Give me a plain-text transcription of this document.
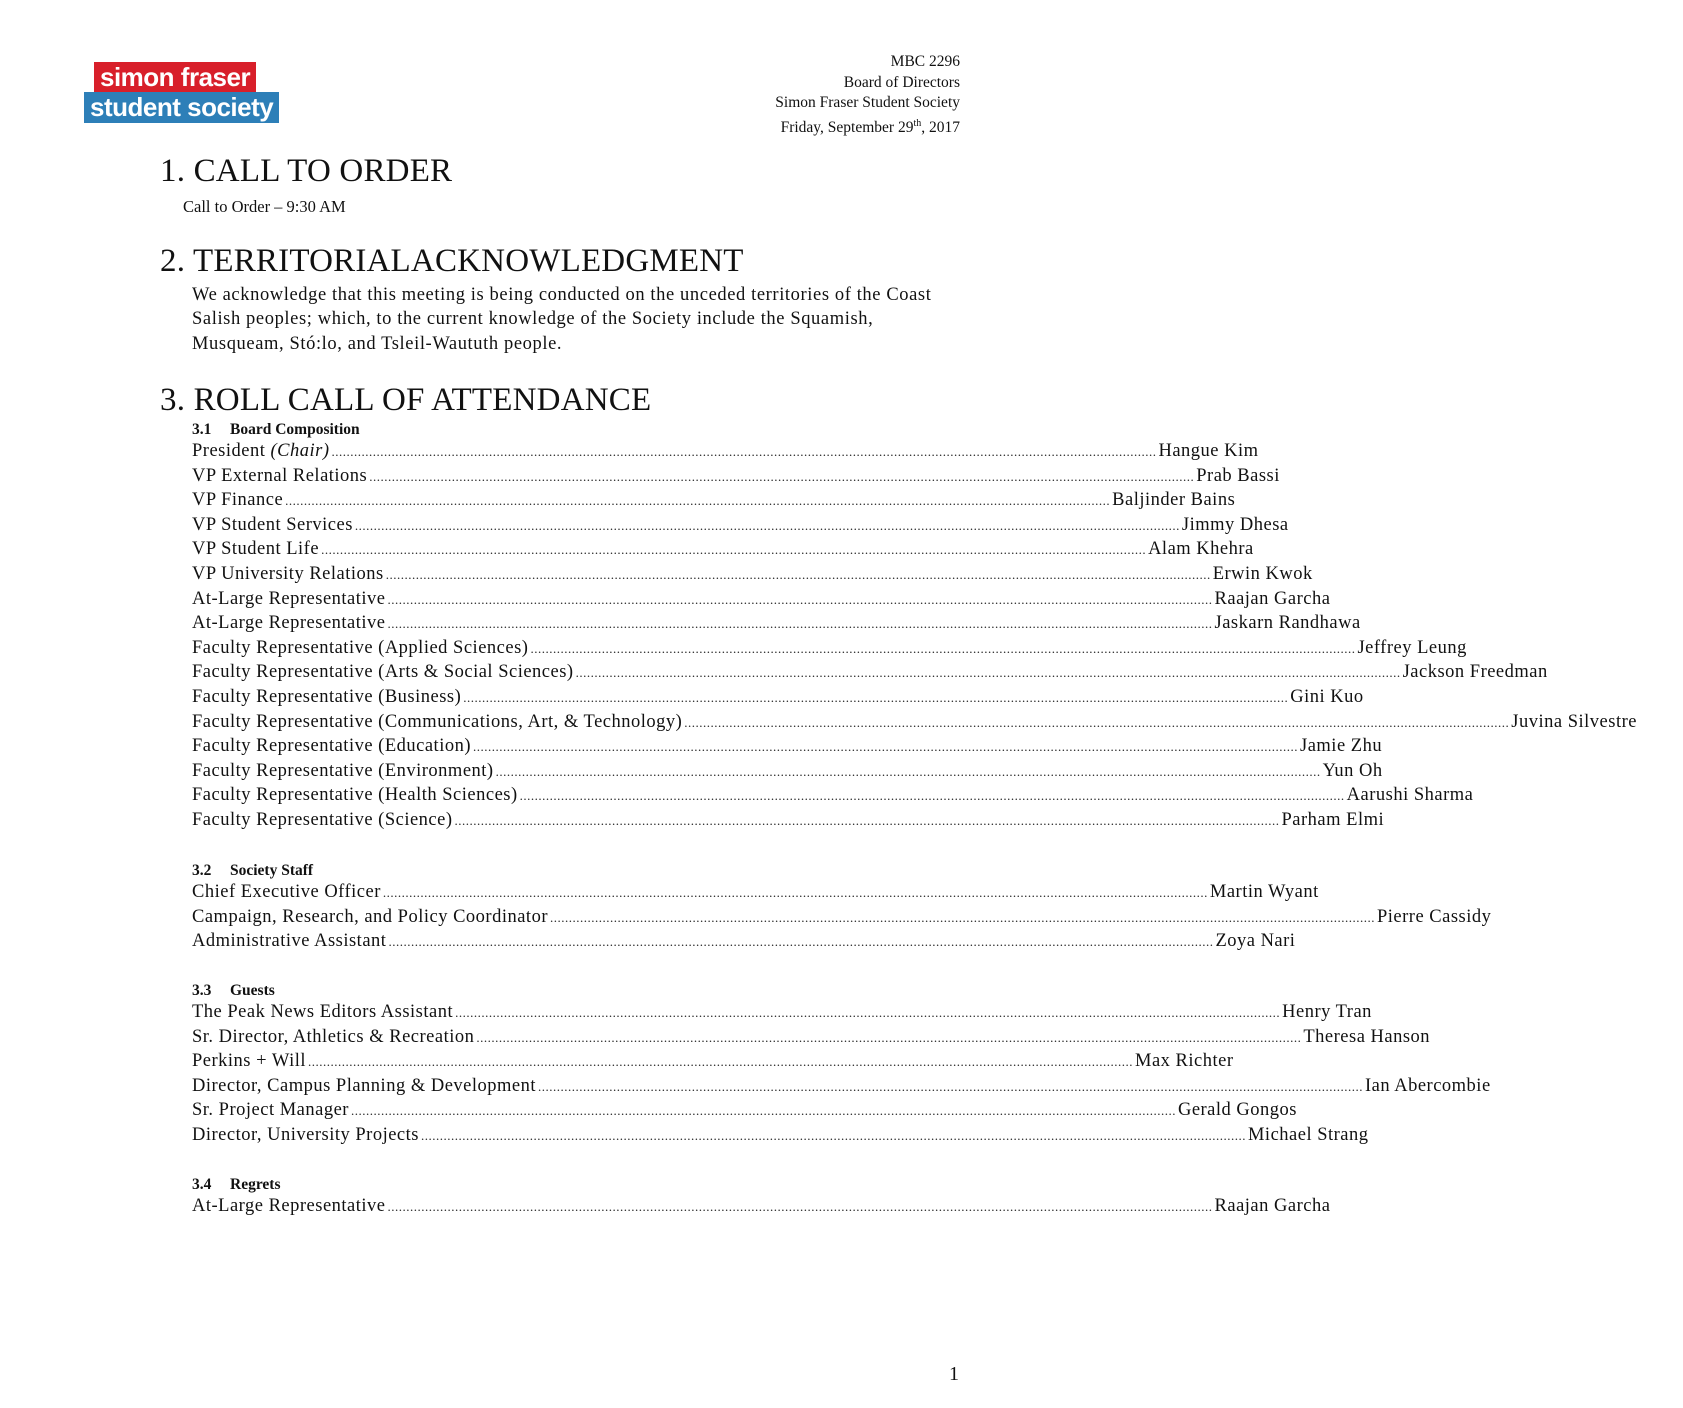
simon fraser
student society
MBC 2296
Board of Directors
Simon Fraser Student Society
Friday, September 29th, 2017
1. CALL TO ORDER
Call to Order – 9:30 AM
2. TERRITORIALACKNOWLEDGMENT
We acknowledge that this meeting is being conducted on the unceded territories of the Coast Salish peoples; which, to the current knowledge of the Society include the Squamish, Musqueam, Stó:lo, and Tsleil-Waututh people.
3. ROLL CALL OF ATTENDANCE
3.1 Board Composition
President (Chair) ............................................................................................................................................................................................................................ Hangue Kim
VP External Relations ............................................................................................................................................................................................................................ Prab Bassi
VP Finance ............................................................................................................................................................................................................................ Baljinder Bains
VP Student Services ............................................................................................................................................................................................................................ Jimmy Dhesa
VP Student Life ............................................................................................................................................................................................................................ Alam Khehra
VP University Relations ............................................................................................................................................................................................................................ Erwin Kwok
At-Large Representative ............................................................................................................................................................................................................................ Raajan Garcha
At-Large Representative ............................................................................................................................................................................................................................ Jaskarn Randhawa
Faculty Representative (Applied Sciences) ............................................................................................................................................................................................................................ Jeffrey Leung
Faculty Representative (Arts & Social Sciences) ............................................................................................................................................................................................................................ Jackson Freedman
Faculty Representative (Business) ............................................................................................................................................................................................................................ Gini Kuo
Faculty Representative (Communications, Art, & Technology) ............................................................................................................................................................................................................................ Juvina Silvestre
Faculty Representative (Education) ............................................................................................................................................................................................................................ Jamie Zhu
Faculty Representative (Environment) ............................................................................................................................................................................................................................ Yun Oh
Faculty Representative (Health Sciences) ............................................................................................................................................................................................................................ Aarushi Sharma
Faculty Representative (Science) ............................................................................................................................................................................................................................ Parham Elmi
3.2 Society Staff
Chief Executive Officer ............................................................................................................................................................................................................................ Martin Wyant
Campaign, Research, and Policy Coordinator ............................................................................................................................................................................................................................ Pierre Cassidy
Administrative Assistant ............................................................................................................................................................................................................................ Zoya Nari
3.3 Guests
The Peak News Editors Assistant ............................................................................................................................................................................................................................ Henry Tran
Sr. Director, Athletics & Recreation ............................................................................................................................................................................................................................ Theresa Hanson
Perkins + Will ............................................................................................................................................................................................................................ Max Richter
Director, Campus Planning & Development ............................................................................................................................................................................................................................ Ian Abercombie
Sr. Project Manager ............................................................................................................................................................................................................................ Gerald Gongos
Director, University Projects ............................................................................................................................................................................................................................ Michael Strang
3.4 Regrets
At-Large Representative ............................................................................................................................................................................................................................ Raajan Garcha
1
